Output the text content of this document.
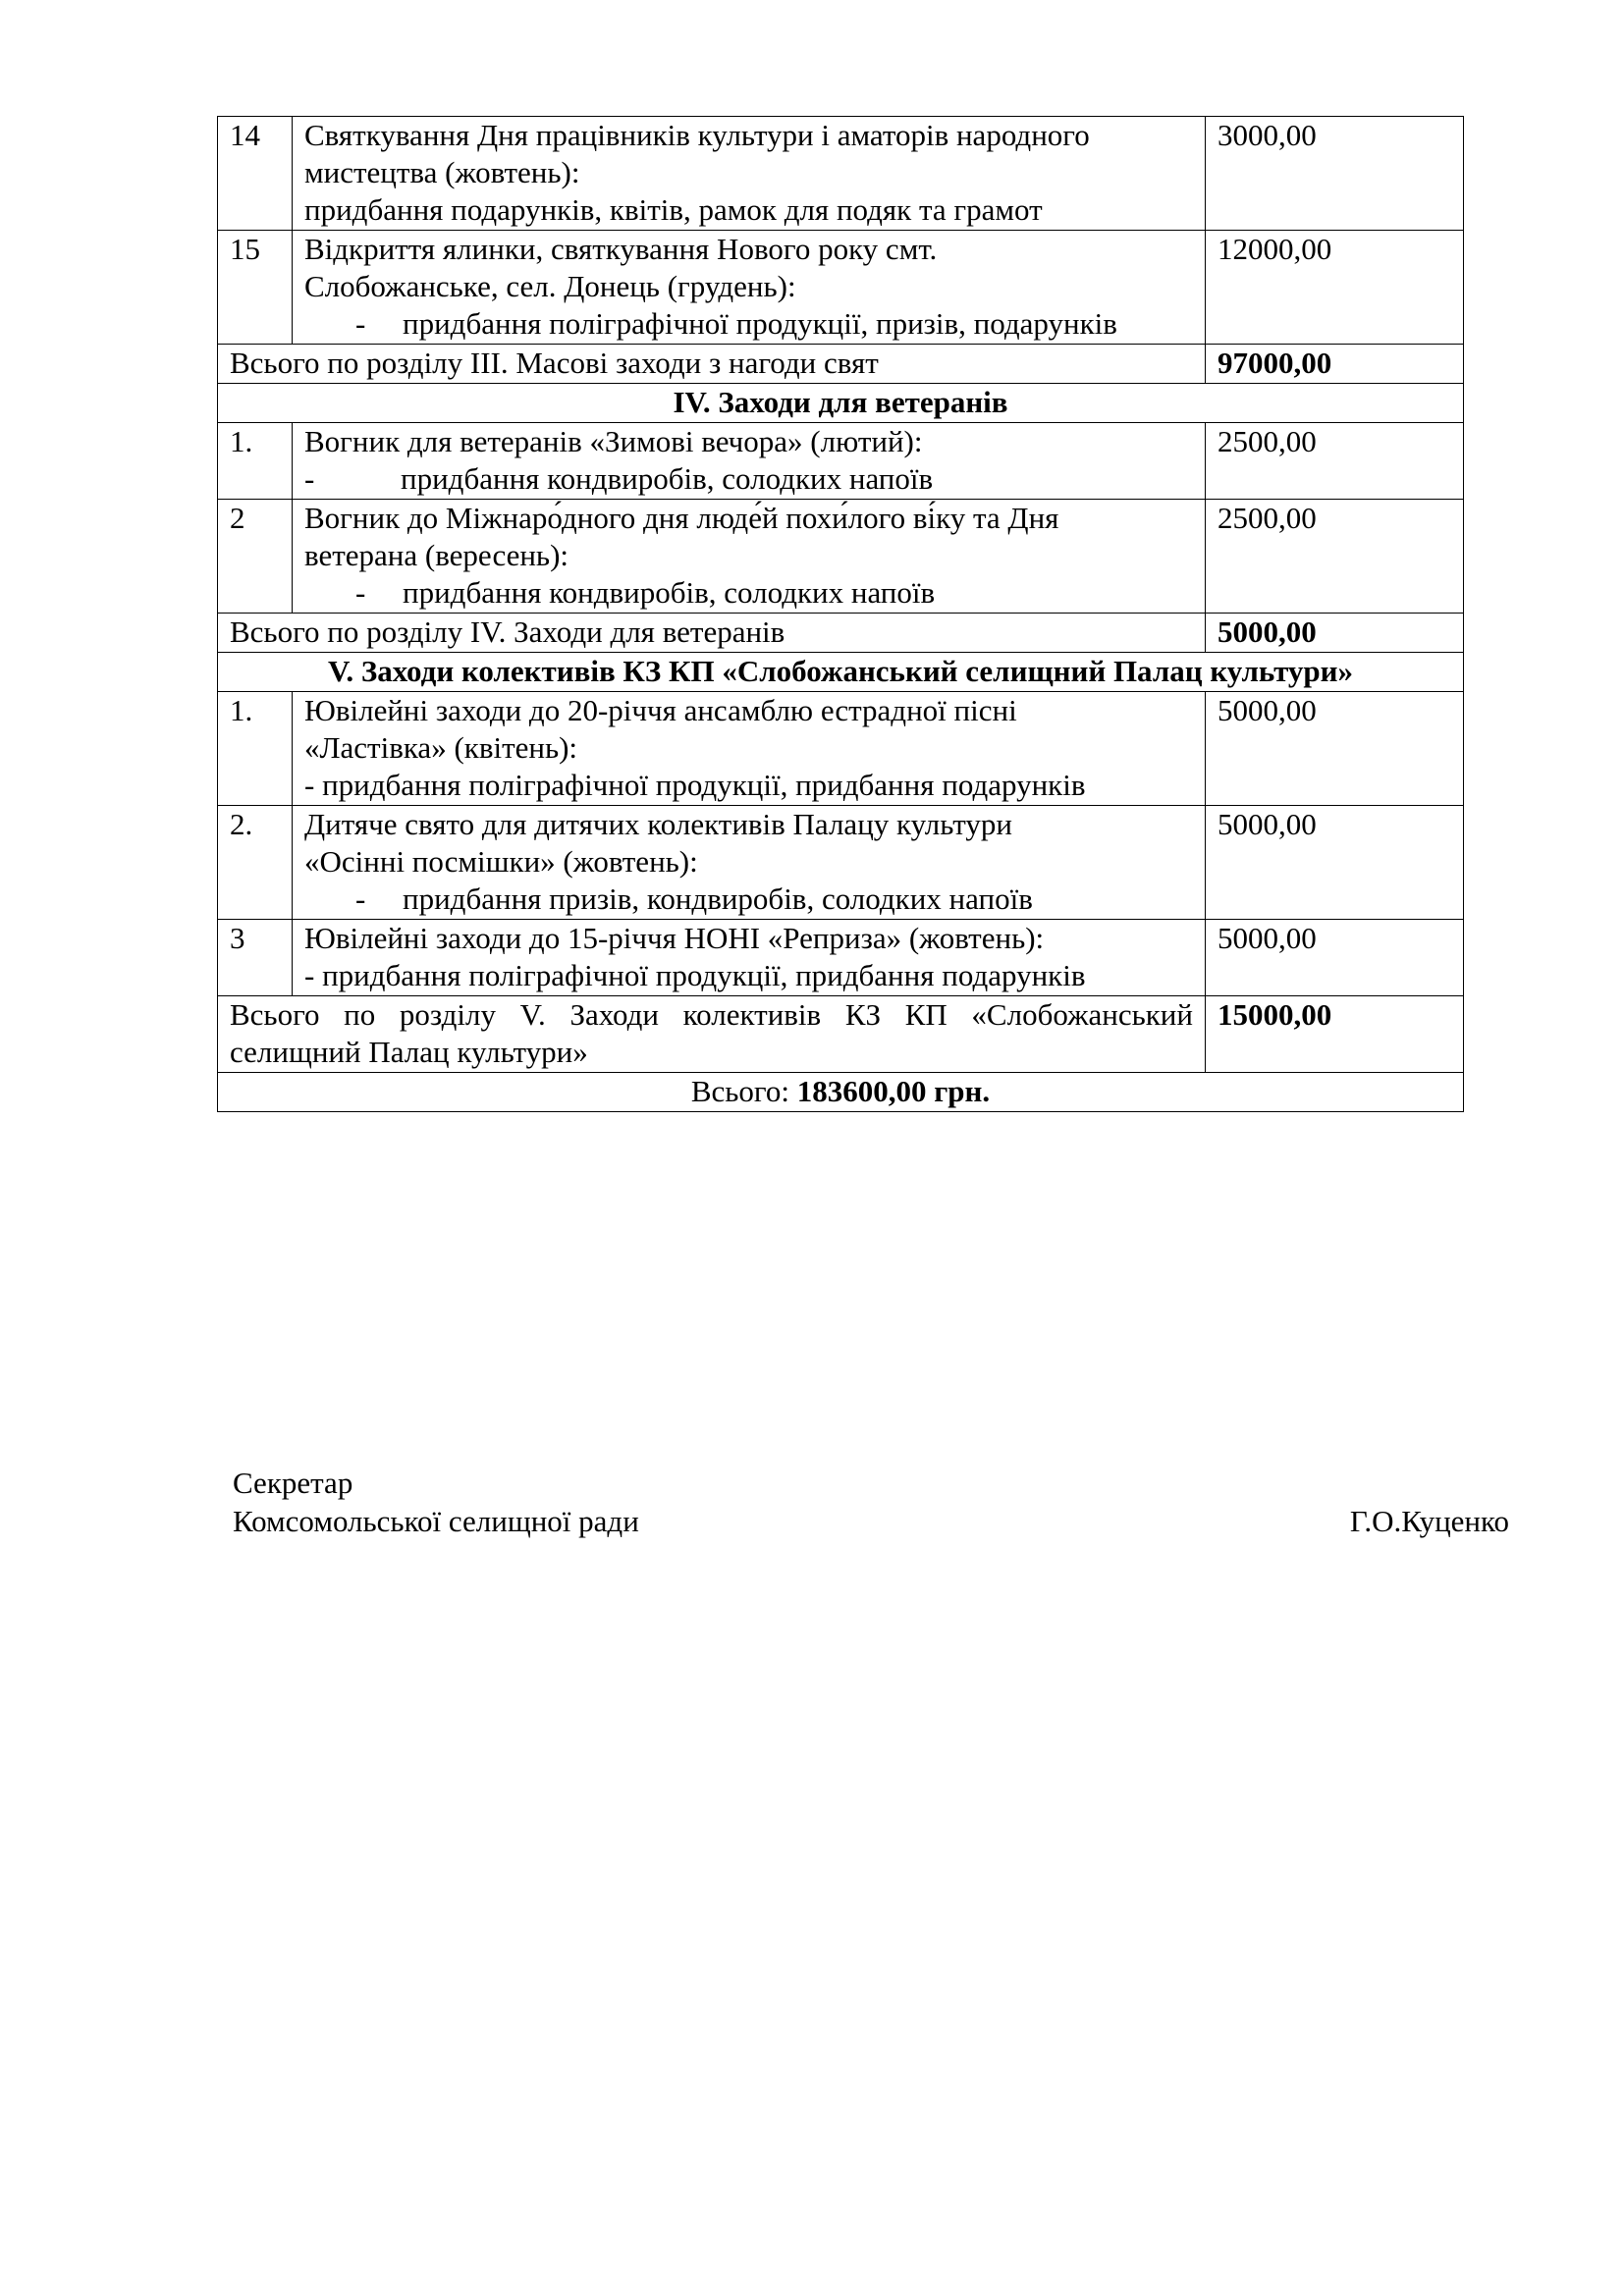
14	Святкування Дня працівників культури і аматорів народного
мистецтва (жовтень):
придбання подарунків, квітів, рамок для подяк та грамот	3000,00
15	Відкриття ялинки, святкування Нового року смт.
Слобожанське, сел. Донець (грудень):
- придбання поліграфічної продукції, призів, подарунків	12000,00
Всього по розділу ІІІ. Масові заходи з нагоди свят		97000,00
ІV. Заходи для ветеранів		
1.	Вогник для ветеранів «Зимові вечора» (лютий):
- придбання кондвиробів, солодких напоїв	2500,00
2	Вогник до Міжнаро́дного дня люде́й похи́лого ві́ку та Дня
ветерана (вересень):
- придбання кондвиробів, солодких напоїв	2500,00
Всього по розділу ІV. Заходи для ветеранів		5000,00
V. Заходи колективів КЗ КП «Слобожанський селищний Палац культури»		
1.	Ювілейні заходи до 20-річчя ансамблю естрадної пісні
«Ластівка» (квітень):
- придбання поліграфічної продукції, придбання подарунків	5000,00
2.	Дитяче свято для дитячих колективів Палацу культури
«Осінні посмішки» (жовтень):
- придбання призів, кондвиробів, солодких напоїв	5000,00
3	Ювілейні заходи до 15-річчя НОНІ «Реприза» (жовтень):
- придбання поліграфічної продукції, придбання подарунків	5000,00
Всього по розділу V. Заходи колективів КЗ КП «Слобожанський селищний Палац культури»		15000,00
Всього: 183600,00 грн.		
Секретар
Комсомольської селищної ради	Г.О.Куценко
